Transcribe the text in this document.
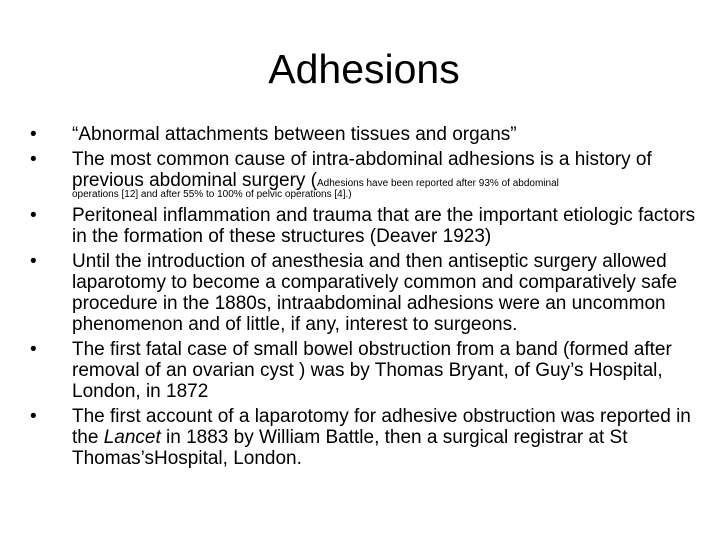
Adhesions
•	“Abnormal attachments between tissues and organs”
•	The most common cause of intra-abdominal adhesions is a history of previous abdominal surgery (Adhesions have been reported after 93% of abdominal
operations [12] and after 55% to 100% of pelvic operations [4].)
•	Peritoneal inflammation and trauma that are the important etiologic factors in the formation of these structures (Deaver 1923)
•	Until the introduction of anesthesia and then antiseptic surgery allowed laparotomy to become a comparatively common and comparatively safe procedure in the 1880s, intraabdominal adhesions were an uncommon phenomenon and of little, if any, interest to surgeons.
•	The first fatal case of small bowel obstruction from a band (formed after removal of an ovarian cyst ) was by Thomas Bryant, of Guy’s Hospital, London, in 1872
•	The first account of a laparotomy for adhesive obstruction was reported in the Lancet in 1883 by William Battle, then a surgical registrar at St Thomas’sHospital, London.
